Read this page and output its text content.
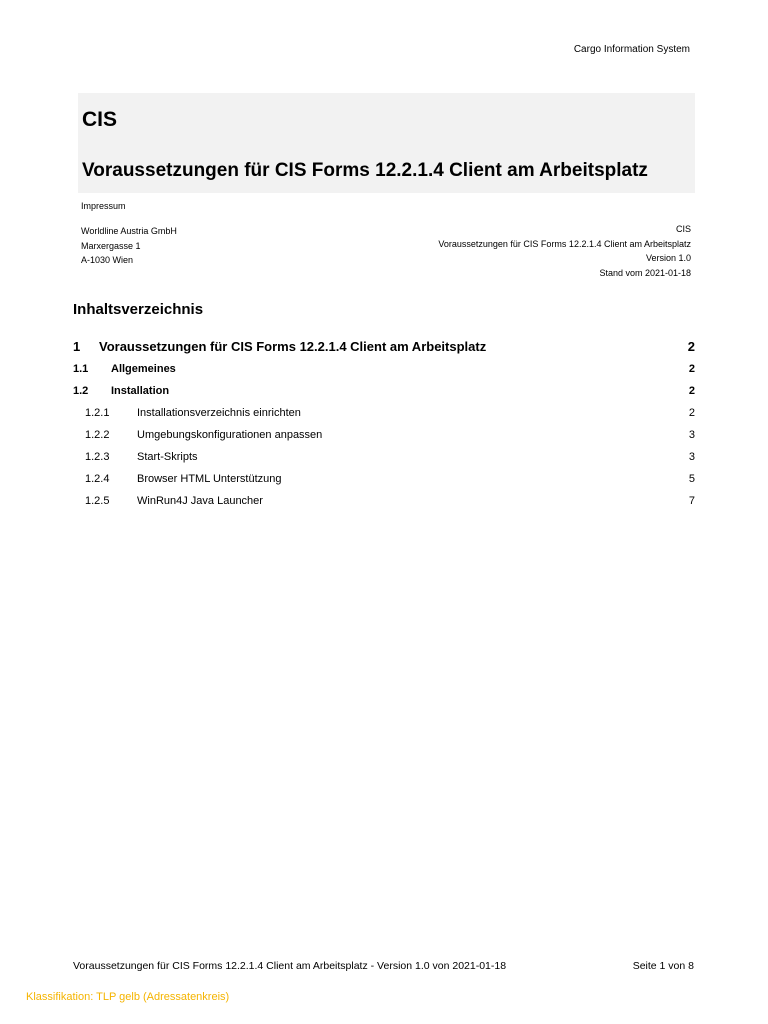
Cargo Information System
CIS
Voraussetzungen für CIS Forms 12.2.1.4 Client am Arbeitsplatz
Impressum
Worldline Austria GmbH
Marxergasse 1
A-1030 Wien
CIS
Voraussetzungen für CIS Forms 12.2.1.4 Client am Arbeitsplatz
Version 1.0
Stand vom 2021-01-18
Inhaltsverzeichnis
1	Voraussetzungen für CIS Forms 12.2.1.4 Client am Arbeitsplatz	2
1.1	Allgemeines	2
1.2	Installation	2
1.2.1	Installationsverzeichnis einrichten	2
1.2.2	Umgebungskonfigurationen anpassen	3
1.2.3	Start-Skripts	3
1.2.4	Browser HTML Unterstützung	5
1.2.5	WinRun4J Java Launcher	7
Voraussetzungen für CIS Forms 12.2.1.4 Client am Arbeitsplatz - Version 1.0 von 2021-01-18	Seite 1 von 8
Klassifikation: TLP gelb (Adressatenkreis)
